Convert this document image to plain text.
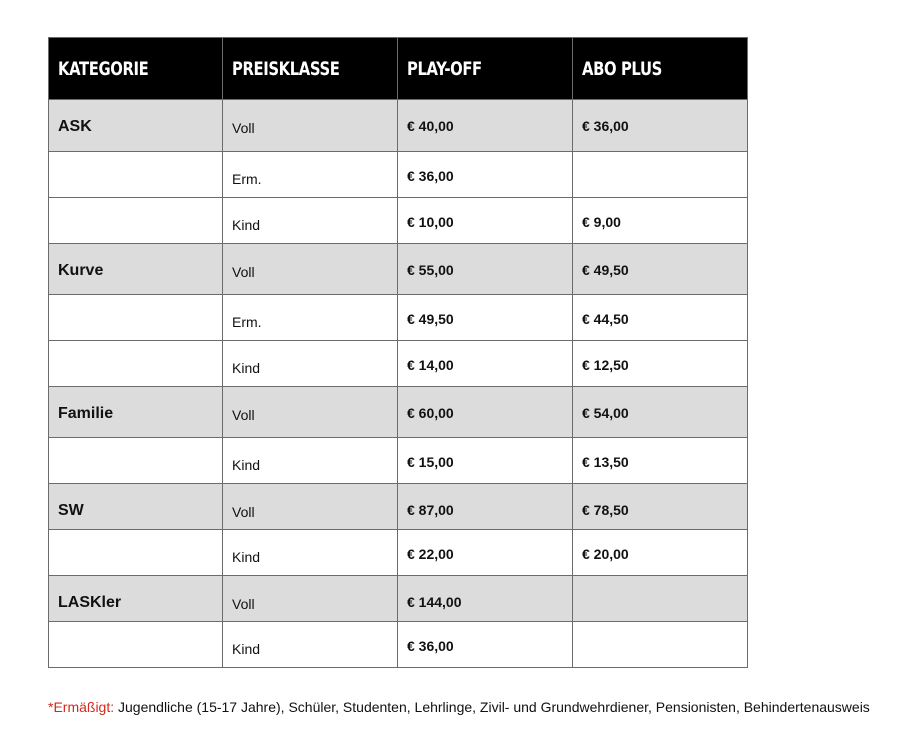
KATEGORIE	PREISKLASSE	PLAY-OFF	ABO PLUS
ASK	Voll	€ 40,00	€ 36,00
	Erm.	€ 36,00	
	Kind	€ 10,00	€ 9,00
Kurve	Voll	€ 55,00	€ 49,50
	Erm.	€ 49,50	€ 44,50
	Kind	€ 14,00	€ 12,50
Familie	Voll	€ 60,00	€ 54,00
	Kind	€ 15,00	€ 13,50
SW	Voll	€ 87,00	€ 78,50
	Kind	€ 22,00	€ 20,00
LASKler	Voll	€ 144,00	
	Kind	€ 36,00	
*Ermäßigt: Jugendliche (15-17 Jahre), Schüler, Studenten, Lehrlinge, Zivil- und Grundwehrdiener, Pensionisten, Behindertenausweis
